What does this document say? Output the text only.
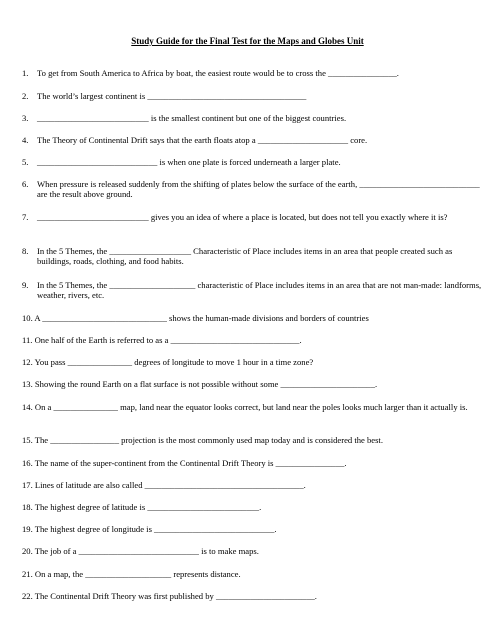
Study Guide for the Final Test for the Maps and Globes Unit
1. To get from South America to Africa by boat, the easiest route would be to cross the ________________.
2. The world’s largest continent is _____________________________________
3. __________________________ is the smallest continent but one of the biggest countries.
4. The Theory of Continental Drift says that the earth floats atop a _____________________ core.
5. ____________________________ is when one plate is forced underneath a larger plate.
6. When pressure is released suddenly from the shifting of plates below the surface of the earth, ____________________________ are the result above ground.
7. __________________________ gives you an idea of where a place is located, but does not tell you exactly where it is?
8. In the 5 Themes, the ___________________ Characteristic of Place includes items in an area that people created such as buildings, roads, clothing, and food habits.
9. In the 5 Themes, the ____________________ characteristic of Place includes items in an area that are not man-made: landforms, weather, rivers, etc.
10. A _____________________________ shows the human-made divisions and borders of countries
11. One half of the Earth is referred to as a ______________________________.
12. You pass _______________ degrees of longitude to move 1 hour in a time zone?
13. Showing the round Earth on a flat surface is not possible without some ______________________.
14. On a _______________ map, land near the equator looks correct, but land near the poles looks much larger than it actually is.
15. The ________________ projection is the most commonly used map today and is considered the best.
16. The name of the super-continent from the Continental Drift Theory is ________________.
17. Lines of latitude are also called _____________________________________.
18. The highest degree of latitude is __________________________.
19. The highest degree of longitude is ____________________________.
20. The job of a ____________________________ is to make maps.
21. On a map, the ____________________ represents distance.
22. The Continental Drift Theory was first published by _______________________.
